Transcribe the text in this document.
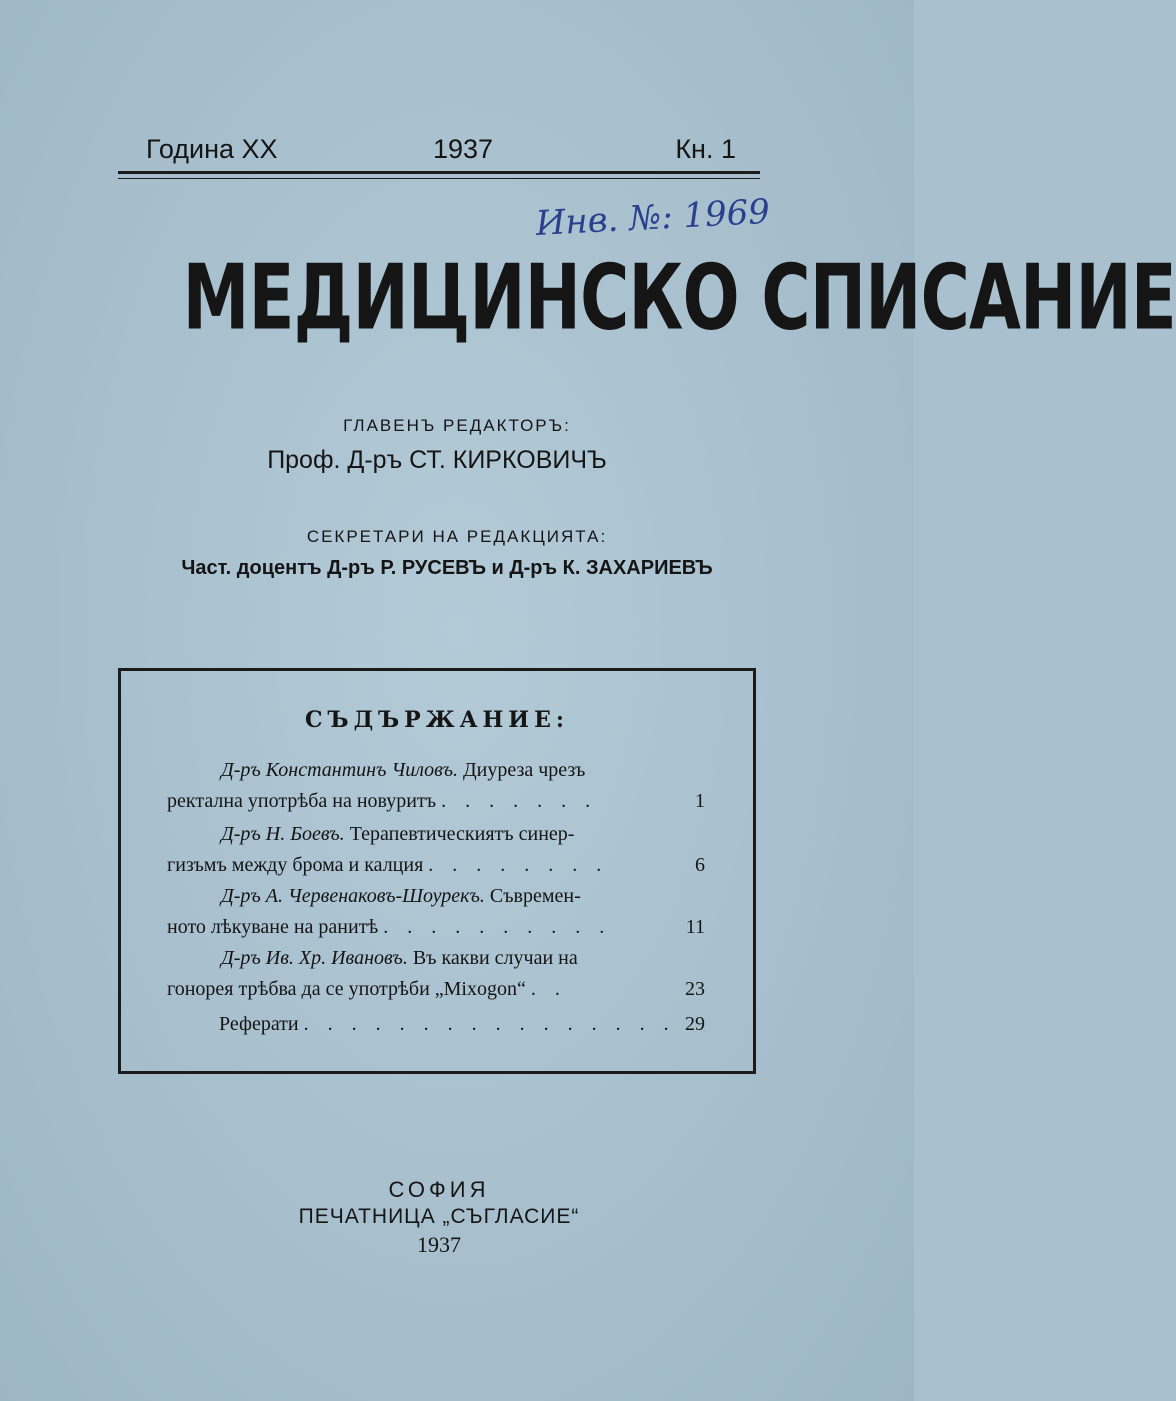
Година XX	1937	Кн. 1
Инв. №: 1969
МЕДИЦИНСКО СПИСАНИЕ
ГЛАВЕНЪ РЕДАКТОРЪ:
Проф. Д-ръ СТ. КИРКОВИЧЪ
СЕКРЕТАРИ НА РЕДАКЦИЯТА:
Част. доцентъ Д-ръ Р. РУСЕВЪ и Д-ръ К. ЗАХАРИЕВЪ
СЪДЪРЖАНИЕ:
Д-ръ Константинъ Чиловъ. Диуреза чрезъ
ректална употрѣба на новуритъ . . . . . . .	1
Д-ръ Н. Боевъ. Терапевтическиятъ синер-
гизъмъ между брома и калция . . . . . . . .	6
Д-ръ А. Червенаковъ-Шоурекъ. Съвремен-
ното лѣкуване на ранитѣ . . . . . . . . . .	11
Д-ръ Ив. Хр. Ивановъ. Въ какви случаи на
гонорея трѣбва да се употрѣби „Mixogon“ . .	23
Реферати . . . . . . . . . . . . . . . . 29
СОФИЯ
ПЕЧАТНИЦА „СЪГЛАСИЕ“
1937
